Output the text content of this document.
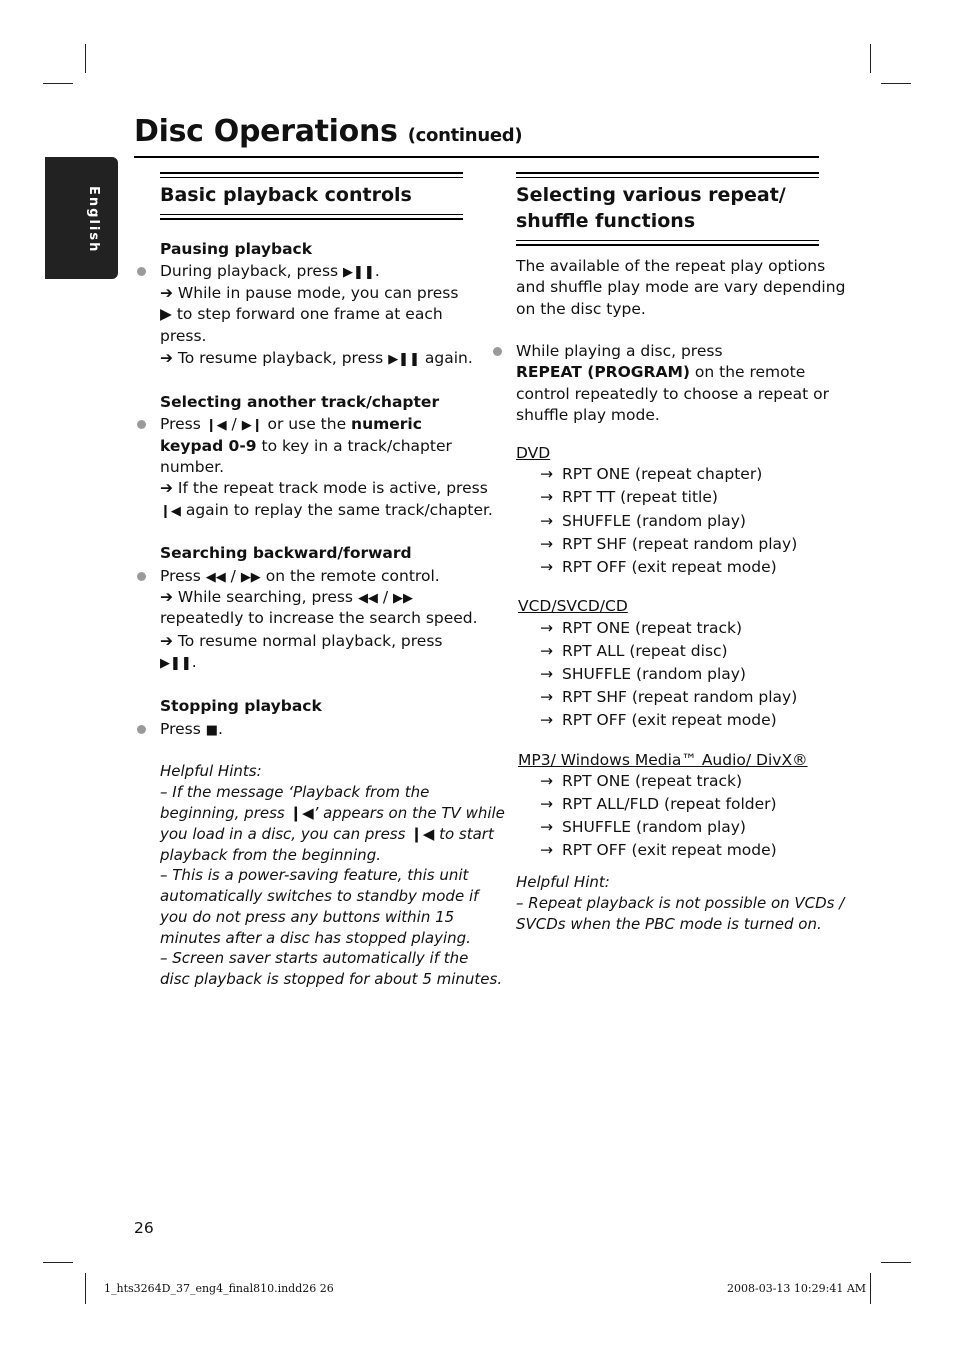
English
Disc Operations (continued)
Basic playback controls
Pausing playback
During playback, press ▶❚❚.
➔ While in pause mode, you can press
▶ to step forward one frame at each
press.
➔ To resume playback, press ▶❚❚ again.
Selecting another track/chapter
Press ❙◀ / ▶❙ or use the numeric
keypad 0-9 to key in a track/chapter
number.
➔ If the repeat track mode is active, press
❙◀ again to replay the same track/chapter.
Searching backward/forward
Press ◀◀ / ▶▶ on the remote control.
➔ While searching, press ◀◀ / ▶▶
repeatedly to increase the search speed.
➔ To resume normal playback, press
▶❚❚.
Stopping playback
Press ■.
Helpful Hints:
– If the message ‘Playback from the
beginning, press ❙◀’ appears on the TV while
you load in a disc, you can press ❙◀ to start
playback from the beginning.
– This is a power-saving feature, this unit
automatically switches to standby mode if
you do not press any buttons within 15
minutes after a disc has stopped playing.
– Screen saver starts automatically if the
disc playback is stopped for about 5 minutes.
Selecting various repeat/
shuffle functions
The available of the repeat play options
and shuffle play mode are vary depending
on the disc type.
While playing a disc, press
REPEAT (PROGRAM) on the remote
control repeatedly to choose a repeat or
shuffle play mode.
DVD
→ RPT ONE (repeat chapter)
→ RPT TT (repeat title)
→ SHUFFLE (random play)
→ RPT SHF (repeat random play)
→ RPT OFF (exit repeat mode)
VCD/SVCD/CD
→ RPT ONE (repeat track)
→ RPT ALL (repeat disc)
→ SHUFFLE (random play)
→ RPT SHF (repeat random play)
→ RPT OFF (exit repeat mode)
MP3/ Windows Media™ Audio/ DivX®
→ RPT ONE (repeat track)
→ RPT ALL/FLD (repeat folder)
→ SHUFFLE (random play)
→ RPT OFF (exit repeat mode)
Helpful Hint:
– Repeat playback is not possible on VCDs /
SVCDs when the PBC mode is turned on.
26
1_hts3264D_37_eng4_final810.indd26 26	2008-03-13 10:29:41 AM
